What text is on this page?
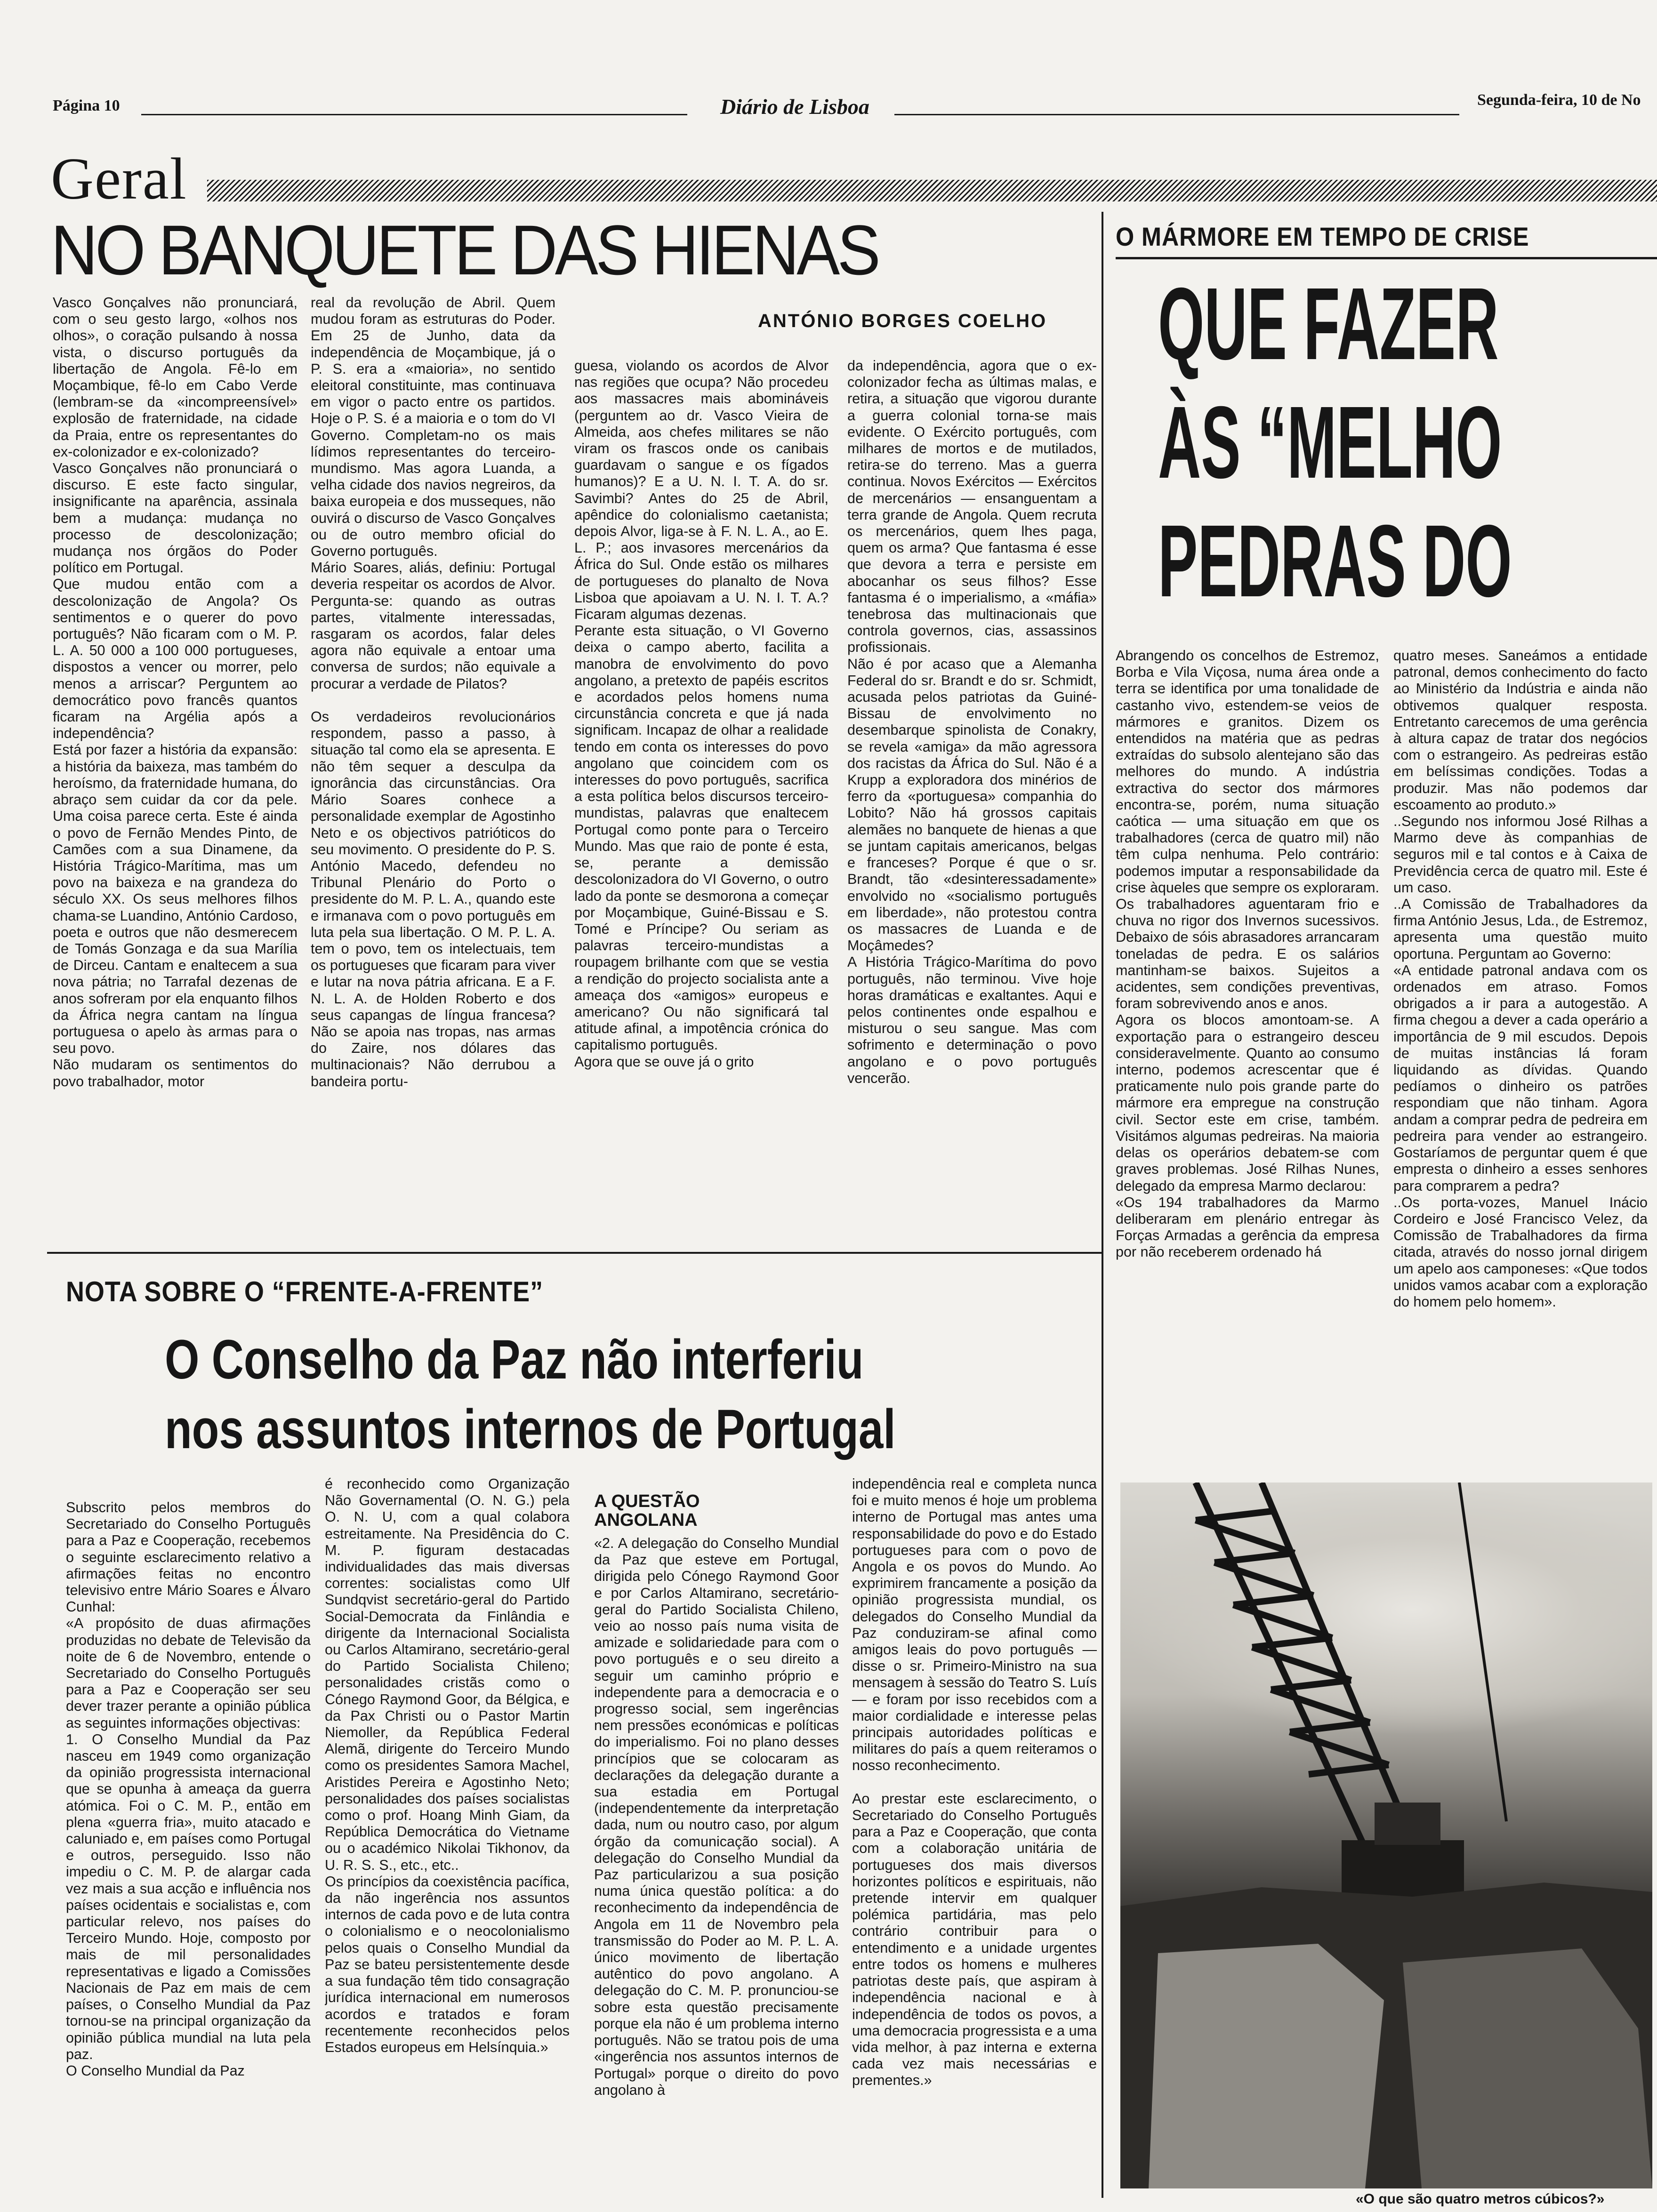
Página 10	Diário de Lisboa	Segunda-feira, 10 de No
Geral
NO BANQUETE DAS HIENAS
ANTÓNIO BORGES COELHO
Vasco Gonçalves não pronunciará, com o seu gesto largo, «olhos nos olhos», o coração pulsando à nossa vista, o discurso português da libertação de Angola. Fê-lo em Moçambique, fê-lo em Cabo Verde (lembram-se da «incompreensível» explosão de fraternidade, na cidade da Praia, entre os representantes do ex-colonizador e ex-colonizado?
Vasco Gonçalves não pronunciará o discurso. E este facto singular, insignificante na aparência, assinala bem a mudança: mudança no processo de descolonização; mudança nos órgãos do Poder político em Portugal.
Que mudou então com a descolonização de Angola? Os sentimentos e o querer do povo português? Não ficaram com o M. P. L. A. 50 000 a 100 000 portugueses, dispostos a vencer ou morrer, pelo menos a arriscar? Perguntem ao democrático povo francês quantos ficaram na Argélia após a independência?
Está por fazer a história da expansão: a história da baixeza, mas também do heroísmo, da fraternidade humana, do abraço sem cuidar da cor da pele. Uma coisa parece certa. Este é ainda o povo de Fernão Mendes Pinto, de Camões com a sua Dinamene, da História Trágico-Marítima, mas um povo na baixeza e na grandeza do século XX. Os seus melhores filhos chama-se Luandino, António Cardoso, poeta e outros que não desmerecem de Tomás Gonzaga e da sua Marília de Dirceu. Cantam e enaltecem a sua nova pátria; no Tarrafal dezenas de anos sofreram por ela enquanto filhos da África negra cantam na língua portuguesa o apelo às armas para o seu povo.
Não mudaram os sentimentos do povo trabalhador, motor
real da revolução de Abril. Quem mudou foram as estruturas do Poder. Em 25 de Junho, data da independência de Moçambique, já o P. S. era a «maioria», no sentido eleitoral constituinte, mas continuava em vigor o pacto entre os partidos. Hoje o P. S. é a maioria e o tom do VI Governo. Completam-no os mais lídimos representantes do terceiro-mundismo. Mas agora Luanda, a velha cidade dos navios negreiros, da baixa europeia e dos musseques, não ouvirá o discurso de Vasco Gonçalves ou de outro membro oficial do Governo português.
Mário Soares, aliás, definiu: Portugal deveria respeitar os acordos de Alvor. Pergunta-se: quando as outras partes, vitalmente interessadas, rasgaram os acordos, falar deles agora não equivale a entoar uma conversa de surdos; não equivale a procurar a verdade de Pilatos?

Os verdadeiros revolucionários respondem, passo a passo, à situação tal como ela se apresenta. E não têm sequer a desculpa da ignorância das circunstâncias. Ora Mário Soares conhece a personalidade exemplar de Agostinho Neto e os objectivos patrióticos do seu movimento. O presidente do P. S. António Macedo, defendeu no Tribunal Plenário do Porto o presidente do M. P. L. A., quando este e irmanava com o povo português em luta pela sua libertação. O M. P. L. A. tem o povo, tem os intelectuais, tem os portugueses que ficaram para viver e lutar na nova pátria africana. E a F. N. L. A. de Holden Roberto e dos seus capangas de língua francesa? Não se apoia nas tropas, nas armas do Zaire, nos dólares das multinacionais? Não derrubou a bandeira portu-
guesa, violando os acordos de Alvor nas regiões que ocupa? Não procedeu aos massacres mais abomináveis (perguntem ao dr. Vasco Vieira de Almeida, aos chefes militares se não viram os frascos onde os canibais guardavam o sangue e os fígados humanos)? E a U. N. I. T. A. do sr. Savimbi? Antes do 25 de Abril, apêndice do colonialismo caetanista; depois Alvor, liga-se à F. N. L. A., ao E. L. P.; aos invasores mercenários da África do Sul. Onde estão os milhares de portugueses do planalto de Nova Lisboa que apoiavam a U. N. I. T. A.? Ficaram algumas dezenas.
Perante esta situação, o VI Governo deixa o campo aberto, facilita a manobra de envolvimento do povo angolano, a pretexto de papéis escritos e acordados pelos homens numa circunstância concreta e que já nada significam. Incapaz de olhar a realidade tendo em conta os interesses do povo angolano que coincidem com os interesses do povo português, sacrifica a esta política belos discursos terceiro-mundistas, palavras que enaltecem Portugal como ponte para o Terceiro Mundo. Mas que raio de ponte é esta, se, perante a demissão descolonizadora do VI Governo, o outro lado da ponte se desmorona a começar por Moçambique, Guiné-Bissau e S. Tomé e Príncipe? Ou seriam as palavras terceiro-mundistas a roupagem brilhante com que se vestia a rendição do projecto socialista ante a ameaça dos «amigos» europeus e americano? Ou não significará tal atitude afinal, a impotência crónica do capitalismo português.
Agora que se ouve já o grito
da independência, agora que o ex-colonizador fecha as últimas malas, e retira, a situação que vigorou durante a guerra colonial torna-se mais evidente. O Exército português, com milhares de mortos e de mutilados, retira-se do terreno. Mas a guerra continua. Novos Exércitos — Exércitos de mercenários — ensanguentam a terra grande de Angola. Quem recruta os mercenários, quem lhes paga, quem os arma? Que fantasma é esse que devora a terra e persiste em abocanhar os seus filhos? Esse fantasma é o imperialismo, a «máfia» tenebrosa das multinacionais que controla governos, cias, assassinos profissionais.
Não é por acaso que a Alemanha Federal do sr. Brandt e do sr. Schmidt, acusada pelos patriotas da Guiné-Bissau de envolvimento no desembarque spinolista de Conakry, se revela «amiga» da mão agressora dos racistas da África do Sul. Não é a Krupp a exploradora dos minérios de ferro da «portuguesa» companhia do Lobito? Não há grossos capitais alemães no banquete de hienas a que se juntam capitais americanos, belgas e franceses? Porque é que o sr. Brandt, tão «desinteressadamente» envolvido no «socialismo português em liberdade», não protestou contra os massacres de Luanda e de Moçâmedes?
A História Trágico-Marítima do povo português, não terminou. Vive hoje horas dramáticas e exaltantes. Aqui e pelos continentes onde espalhou e misturou o seu sangue. Mas com sofrimento e determinação o povo angolano e o povo português vencerão.
O MÁRMORE EM TEMPO DE CRISE
QUE FAZER
ÀS “MELHO
PEDRAS DO
Abrangendo os concelhos de Estremoz, Borba e Vila Viçosa, numa área onde a terra se identifica por uma tonalidade de castanho vivo, estendem-se veios de mármores e granitos. Dizem os entendidos na matéria que as pedras extraídas do subsolo alentejano são das melhores do mundo. A indústria extractiva do sector dos mármores encontra-se, porém, numa situação caótica — uma situação em que os trabalhadores (cerca de quatro mil) não têm culpa nenhuma. Pelo contrário: podemos imputar a responsabilidade da crise àqueles que sempre os exploraram. Os trabalhadores aguentaram frio e chuva no rigor dos Invernos sucessivos. Debaixo de sóis abrasadores arrancaram toneladas de pedra. E os salários mantinham-se baixos. Sujeitos a acidentes, sem condições preventivas, foram sobrevivendo anos e anos.
Agora os blocos amontoam-se. A exportação para o estrangeiro desceu consideravelmente. Quanto ao consumo interno, podemos acrescentar que é praticamente nulo pois grande parte do mármore era empregue na construção civil. Sector este em crise, também. Visitámos algumas pedreiras. Na maioria delas os operários debatem-se com graves problemas. José Rilhas Nunes, delegado da empresa Marmo declarou:
«Os 194 trabalhadores da Marmo deliberaram em plenário entregar às Forças Armadas a gerência da empresa por não receberem ordenado há
quatro meses. Saneámos a entidade patronal, demos conhecimento do facto ao Ministério da Indústria e ainda não obtivemos qualquer resposta. Entretanto carecemos de uma gerência à altura capaz de tratar dos negócios com o estrangeiro. As pedreiras estão em belíssimas condições. Todas a produzir. Mas não podemos dar escoamento ao produto.»
..Segundo nos informou José Rilhas a Marmo deve às companhias de seguros mil e tal contos e à Caixa de Previdência cerca de quatro mil. Este é um caso.
..A Comissão de Trabalhadores da firma António Jesus, Lda., de Estremoz, apresenta uma questão muito oportuna. Perguntam ao Governo:
«A entidade patronal andava com os ordenados em atraso. Fomos obrigados a ir para a autogestão. A firma chegou a dever a cada operário a importância de 9 mil escudos. Depois de muitas instâncias lá foram liquidando as dívidas. Quando pedíamos o dinheiro os patrões respondiam que não tinham. Agora andam a comprar pedra de pedreira em pedreira para vender ao estrangeiro. Gostaríamos de perguntar quem é que empresta o dinheiro a esses senhores para comprarem a pedra?
..Os porta-vozes, Manuel Inácio Cordeiro e José Francisco Velez, da Comissão de Trabalhadores da firma citada, através do nosso jornal dirigem um apelo aos camponeses: «Que todos unidos vamos acabar com a exploração do homem pelo homem».
«O que são quatro metros cúbicos?»
NOTA SOBRE O “FRENTE-A-FRENTE”
O Conselho da Paz não interferiu
nos assuntos internos de Portugal
Subscrito pelos membros do Secretariado do Conselho Português para a Paz e Cooperação, recebemos o seguinte esclarecimento relativo a afirmações feitas no encontro televisivo entre Mário Soares e Álvaro Cunhal:
«A propósito de duas afirmações produzidas no debate de Televisão da noite de 6 de Novembro, entende o Secretariado do Conselho Português para a Paz e Cooperação ser seu dever trazer perante a opinião pública as seguintes informações objectivas:
1. O Conselho Mundial da Paz nasceu em 1949 como organização da opinião progressista internacional que se opunha à ameaça da guerra atómica. Foi o C. M. P., então em plena «guerra fria», muito atacado e caluniado e, em países como Portugal e outros, perseguido. Isso não impediu o C. M. P. de alargar cada vez mais a sua acção e influência nos países ocidentais e socialistas e, com particular relevo, nos países do Terceiro Mundo. Hoje, composto por mais de mil personalidades representativas e ligado a Comissões Nacionais de Paz em mais de cem países, o Conselho Mundial da Paz tornou-se na principal organização da opinião pública mundial na luta pela paz.
O Conselho Mundial da Paz
é reconhecido como Organização Não Governamental (O. N. G.) pela O. N. U, com a qual colabora estreitamente. Na Presidência do C. M. P. figuram destacadas individualidades das mais diversas correntes: socialistas como Ulf Sundqvist secretário-geral do Partido Social-Democrata da Finlândia e dirigente da Internacional Socialista ou Carlos Altamirano, secretário-geral do Partido Socialista Chileno; personalidades cristãs como o Cónego Raymond Goor, da Bélgica, e da Pax Christi ou o Pastor Martin Niemoller, da República Federal Alemã, dirigente do Terceiro Mundo como os presidentes Samora Machel, Aristides Pereira e Agostinho Neto; personalidades dos países socialistas como o prof. Hoang Minh Giam, da República Democrática do Vietname ou o académico Nikolai Tikhonov, da U. R. S. S., etc., etc..
Os princípios da coexistência pacífica, da não ingerência nos assuntos internos de cada povo e de luta contra o colonialismo e o neocolonialismo pelos quais o Conselho Mundial da Paz se bateu persistentemente desde a sua fundação têm tido consagração jurídica internacional em numerosos acordos e tratados e foram recentemente reconhecidos pelos Estados europeus em Helsínquia.»
A QUESTÃO
ANGOLANA
«2. A delegação do Conselho Mundial da Paz que esteve em Portugal, dirigida pelo Cónego Raymond Goor e por Carlos Altamirano, secretário-geral do Partido Socialista Chileno, veio ao nosso país numa visita de amizade e solidariedade para com o povo português e o seu direito a seguir um caminho próprio e independente para a democracia e o progresso social, sem ingerências nem pressões económicas e políticas do imperialismo. Foi no plano desses princípios que se colocaram as declarações da delegação durante a sua estadia em Portugal (independentemente da interpretação dada, num ou noutro caso, por algum órgão da comunicação social). A delegação do Conselho Mundial da Paz particularizou a sua posição numa única questão política: a do reconhecimento da independência de Angola em 11 de Novembro pela transmissão do Poder ao M. P. L. A. único movimento de libertação autêntico do povo angolano. A delegação do C. M. P. pronunciou-se sobre esta questão precisamente porque ela não é um problema interno português. Não se tratou pois de uma «ingerência nos assuntos internos de Portugal» porque o direito do povo angolano à
independência real e completa nunca foi e muito menos é hoje um problema interno de Portugal mas antes uma responsabilidade do povo e do Estado portugueses para com o povo de Angola e os povos do Mundo. Ao exprimirem francamente a posição da opinião progressista mundial, os delegados do Conselho Mundial da Paz conduziram-se afinal como amigos leais do povo português — disse o sr. Primeiro-Ministro na sua mensagem à sessão do Teatro S. Luís — e foram por isso recebidos com a maior cordialidade e interesse pelas principais autoridades políticas e militares do país a quem reiteramos o nosso reconhecimento.

Ao prestar este esclarecimento, o Secretariado do Conselho Português para a Paz e Cooperação, que conta com a colaboração unitária de portugueses dos mais diversos horizontes políticos e espirituais, não pretende intervir em qualquer polémica partidária, mas pelo contrário contribuir para o entendimento e a unidade urgentes entre todos os homens e mulheres patriotas deste país, que aspiram à independência nacional e à independência de todos os povos, a uma democracia progressista e a uma vida melhor, à paz interna e externa cada vez mais necessárias e prementes.»
